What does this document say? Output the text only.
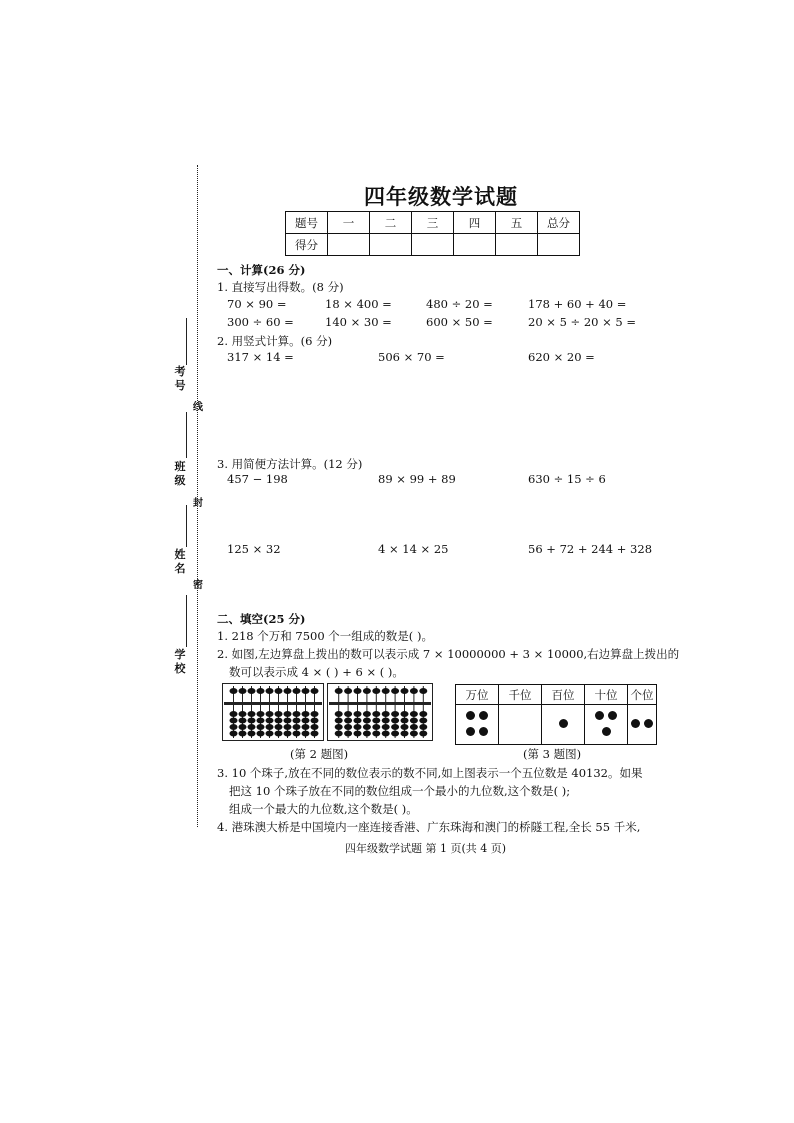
考号
班级
姓名
学校
线
封
密
四年级数学试题
题号	一	二	三	四	五	总分
得分						
一、计算(26 分)
1. 直接写出得数。(8 分)
70 × 90 =	18 × 400 =	480 ÷ 20 =	178 + 60 + 40 =
300 ÷ 60 =	140 × 30 =	600 × 50 =	20 × 5 ÷ 20 × 5 =
2. 用竖式计算。(6 分)
317 × 14 =	506 × 70 =	620 × 20 =
3. 用简便方法计算。(12 分)
457 − 198	89 × 99 + 89	630 ÷ 15 ÷ 6
125 × 32	4 × 14 × 25	56 + 72 + 244 + 328
二、填空(25 分)
1. 218 个万和 7500 个一组成的数是( )。
2. 如图,左边算盘上拨出的数可以表示成 7 × 10000000 + 3 × 10000,右边算盘上拨出的
数可以表示成 4 × ( ) + 6 × ( )。
(第 2 题图)
万位	千位	百位	十位	个位

(第 3 题图)
3. 10 个珠子,放在不同的数位表示的数不同,如上图表示一个五位数是 40132。如果
把这 10 个珠子放在不同的数位组成一个最小的九位数,这个数是( );
组成一个最大的九位数,这个数是( )。
4. 港珠澳大桥是中国境内一座连接香港、广东珠海和澳门的桥隧工程,全长 55 千米,
四年级数学试题 第 1 页(共 4 页)
